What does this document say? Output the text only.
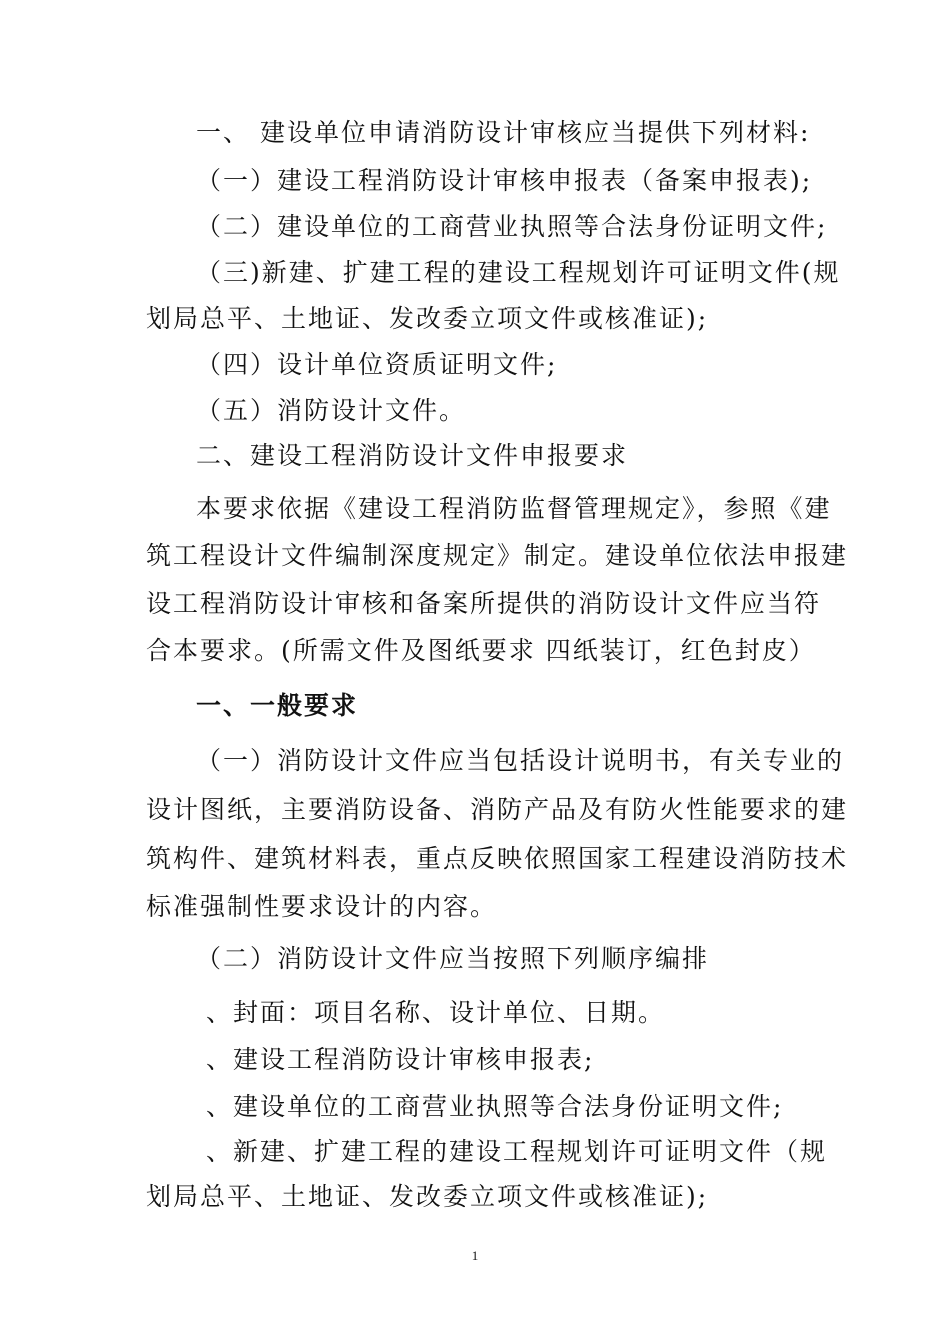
一、 建设单位申请消防设计审核应当提供下列材料:
（一）建设工程消防设计审核申报表（备案申报表);
（二）建设单位的工商营业执照等合法身份证明文件;
（三)新建、扩建工程的建设工程规划许可证明文件(规
划局总平、土地证、发改委立项文件或核准证);
（四）设计单位资质证明文件;
（五）消防设计文件。
二、建设工程消防设计文件申报要求
本要求依据《建设工程消防监督管理规定》，参照《建
筑工程设计文件编制深度规定》制定。建设单位依法申报建
设工程消防设计审核和备案所提供的消防设计文件应当符
合本要求。(所需文件及图纸要求 四纸装订，红色封皮）
一、一般要求
（一）消防设计文件应当包括设计说明书，有关专业的
设计图纸，主要消防设备、消防产品及有防火性能要求的建
筑构件、建筑材料表，重点反映依照国家工程建设消防技术
标准强制性要求设计的内容。
（二）消防设计文件应当按照下列顺序编排
、封面：项目名称、设计单位、日期。
、建设工程消防设计审核申报表;
、建设单位的工商营业执照等合法身份证明文件;
、新建、扩建工程的建设工程规划许可证明文件（规
划局总平、土地证、发改委立项文件或核准证);
1
